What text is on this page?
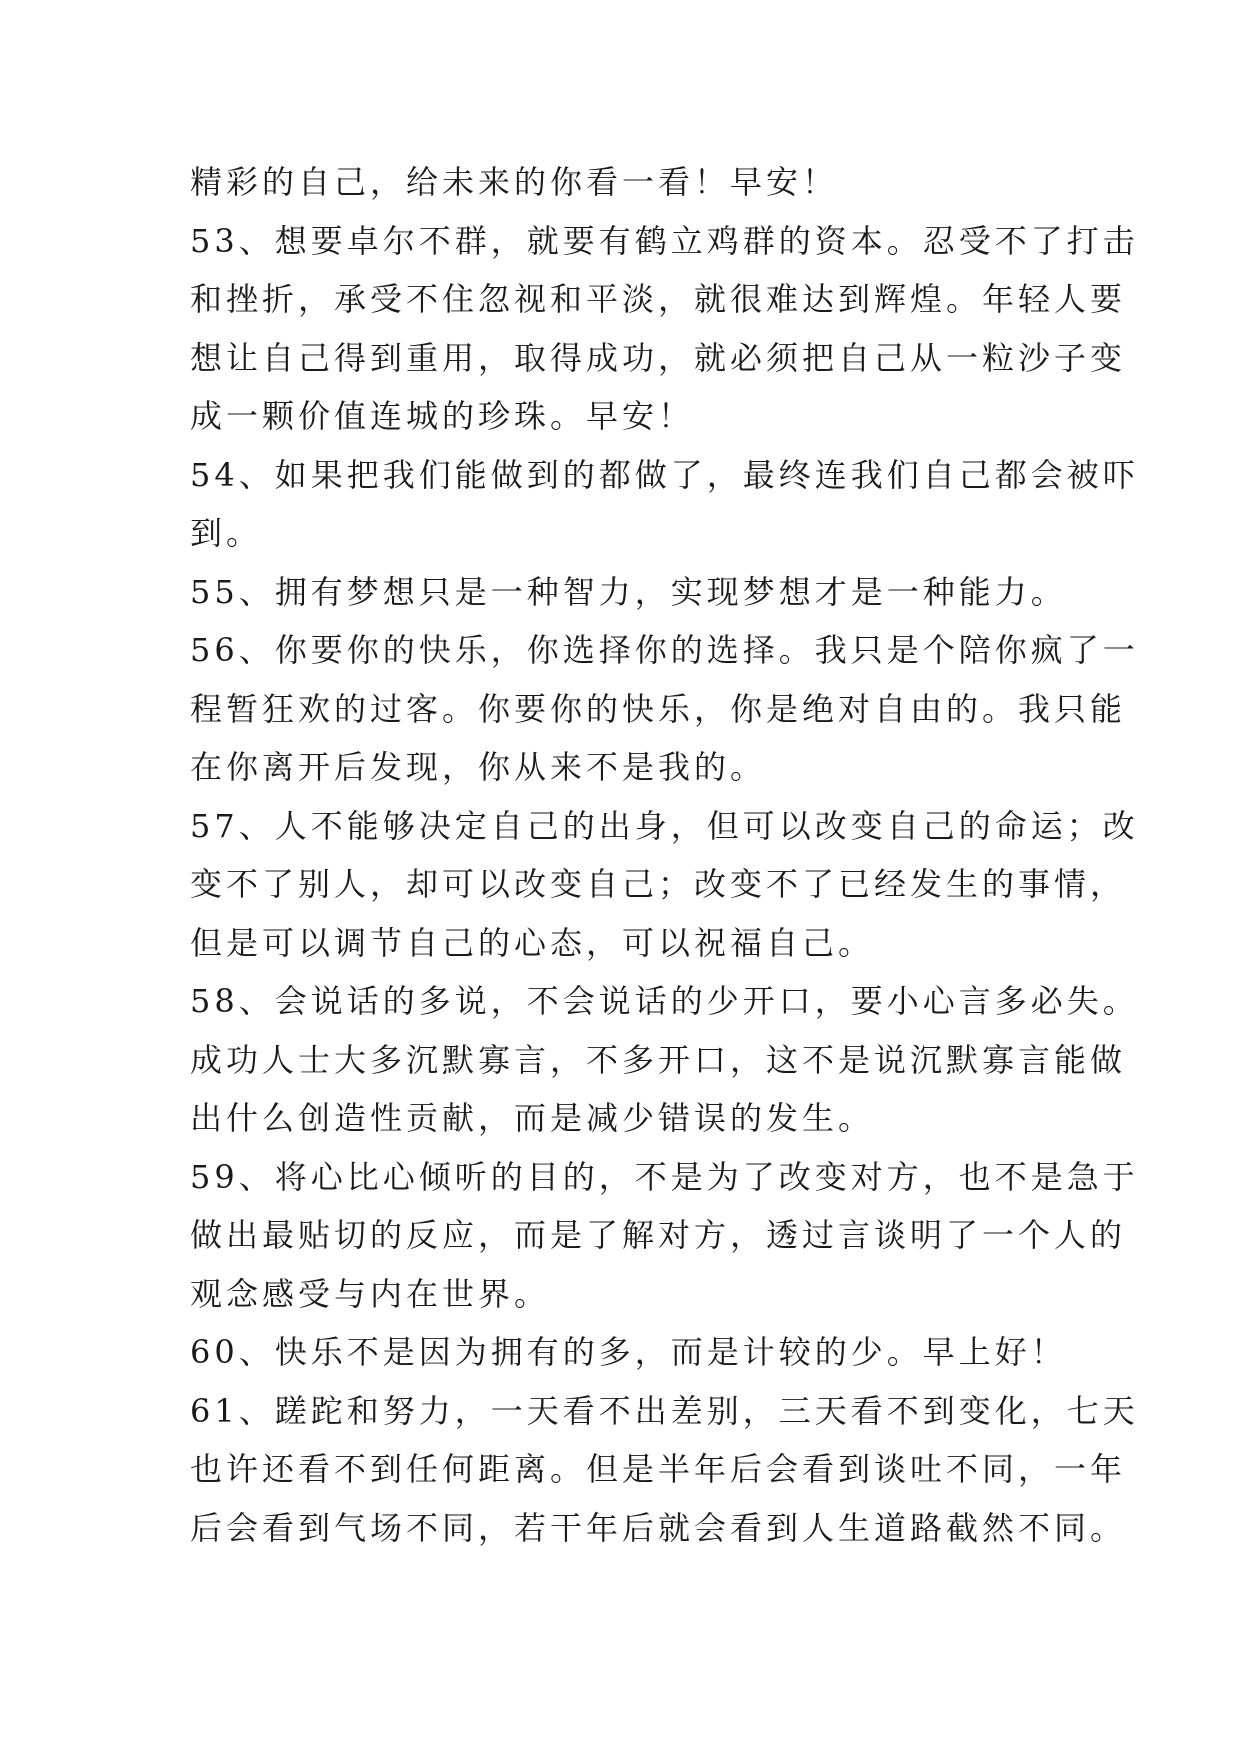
精彩的自己，给未来的你看一看！早安！
53、想要卓尔不群，就要有鹤立鸡群的资本。忍受不了打击
和挫折，承受不住忽视和平淡，就很难达到辉煌。年轻人要
想让自己得到重用，取得成功，就必须把自己从一粒沙子变
成一颗价值连城的珍珠。早安！
54、如果把我们能做到的都做了，最终连我们自己都会被吓
到。
55、拥有梦想只是一种智力，实现梦想才是一种能力。
56、你要你的快乐，你选择你的选择。我只是个陪你疯了一
程暂狂欢的过客。你要你的快乐，你是绝对自由的。我只能
在你离开后发现，你从来不是我的。
57、人不能够决定自己的出身，但可以改变自己的命运；改
变不了别人，却可以改变自己；改变不了已经发生的事情，
但是可以调节自己的心态，可以祝福自己。
58、会说话的多说，不会说话的少开口，要小心言多必失。
成功人士大多沉默寡言，不多开口，这不是说沉默寡言能做
出什么创造性贡献，而是减少错误的发生。
59、将心比心倾听的目的，不是为了改变对方，也不是急于
做出最贴切的反应，而是了解对方，透过言谈明了一个人的
观念感受与内在世界。
60、快乐不是因为拥有的多，而是计较的少。早上好！
61、蹉跎和努力，一天看不出差别，三天看不到变化，七天
也许还看不到任何距离。但是半年后会看到谈吐不同，一年
后会看到气场不同，若干年后就会看到人生道路截然不同。
